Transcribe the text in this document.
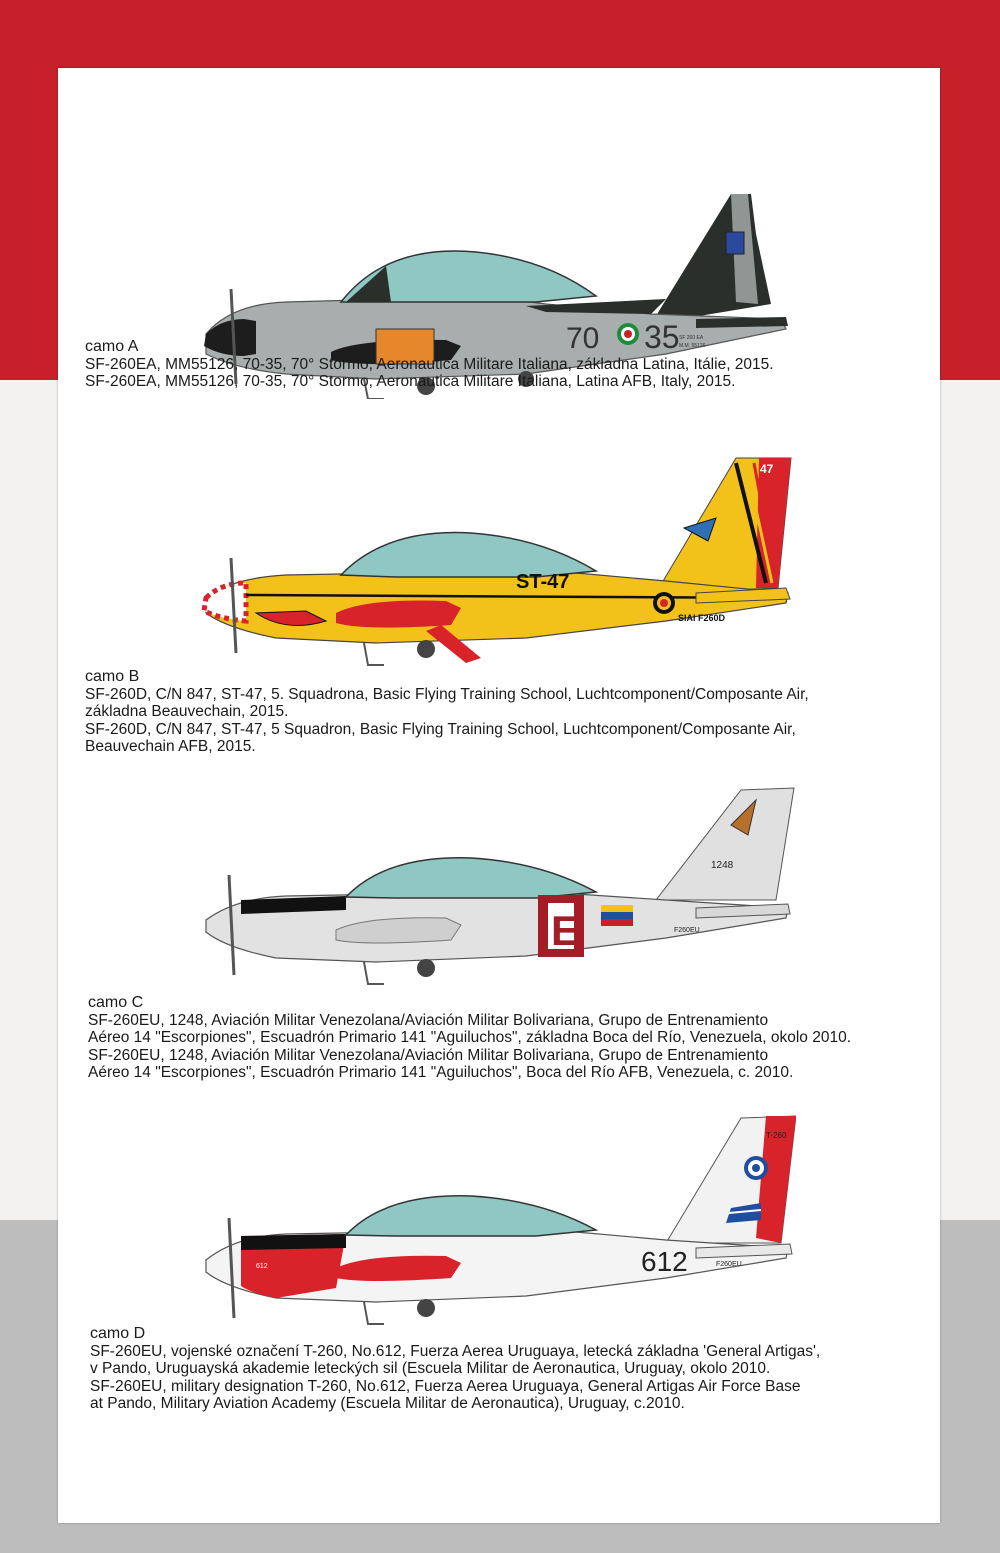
70 35 SF 260 EA
M.M. 55126
camo A
SF-260EA, MM55126, 70-35, 70° Stormo, Aeronautica Militare Italiana, základna Latina, Itálie, 2015.
SF-260EA, MM55126, 70-35, 70° Stormo, Aeronautica Militare Italiana, Latina AFB, Italy, 2015.
ST-47
47
SIAI F260D
camo B
SF-260D, C/N 847, ST-47, 5. Squadrona, Basic Flying Training School, Luchtcomponent/Composante Air,
základna Beauvechain, 2015.
SF-260D, C/N 847, ST-47, 5 Squadron, Basic Flying Training School, Luchtcomponent/Composante Air,
Beauvechain AFB, 2015.
E
1248
F260EU
camo C
SF-260EU, 1248, Aviación Militar Venezolana/Aviación Militar Bolivariana, Grupo de Entrenamiento
Aéreo 14 "Escorpiones", Escuadrón Primario 141 "Aguiluchos", základna Boca del Río, Venezuela, okolo 2010.
SF-260EU, 1248, Aviación Militar Venezolana/Aviación Militar Bolivariana, Grupo de Entrenamiento
Aéreo 14 "Escorpiones", Escuadrón Primario 141 "Aguiluchos", Boca del Río AFB, Venezuela, c. 2010.
612
T-260
F260EU
612
camo D
SF-260EU, vojenské označení T-260, No.612, Fuerza Aerea Uruguaya, letecká základna 'General Artigas',
v Pando, Uruguayská akademie leteckých sil (Escuela Militar de Aeronautica, Uruguay, okolo 2010.
SF-260EU, military designation T-260, No.612, Fuerza Aerea Uruguaya, General Artigas Air Force Base
at Pando, Military Aviation Academy (Escuela Militar de Aeronautica), Uruguay, c.2010.
